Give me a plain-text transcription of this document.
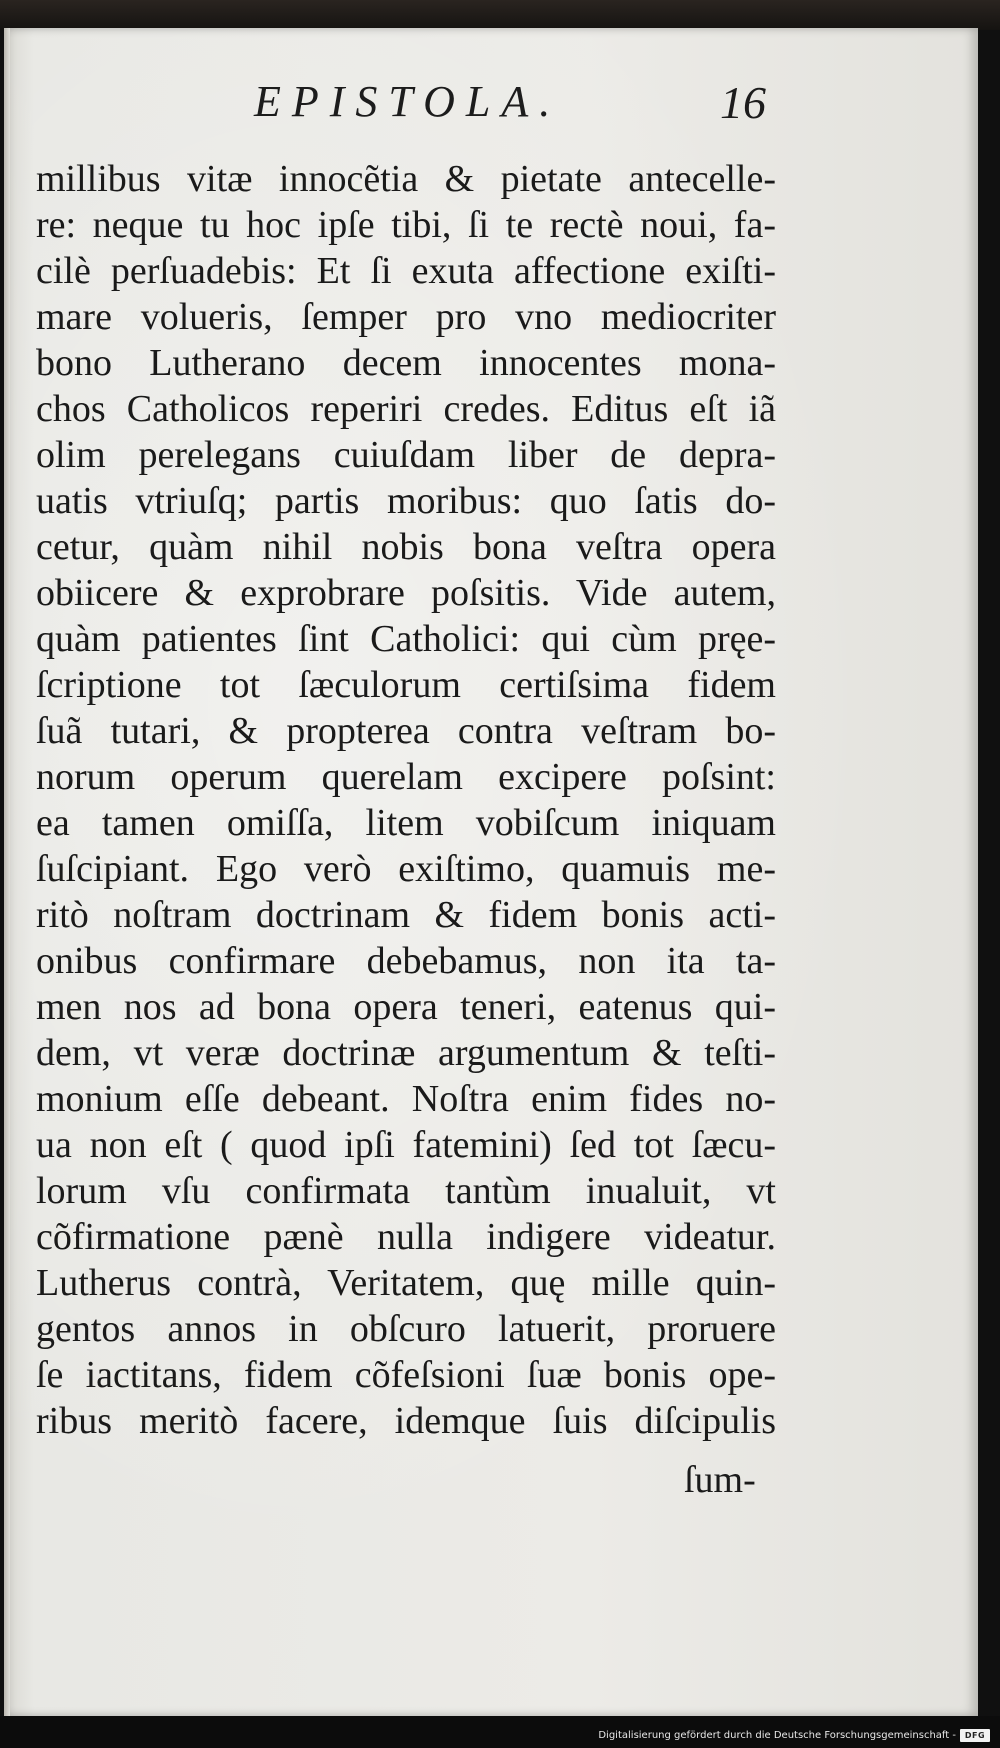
EPISTOLA.	16
millibus vitæ innocẽtia & pietate antecelle-
re: neque tu hoc ipſe tibi, ſi te rectè noui, fa-
cilè perſuadebis: Et ſi exuta affectione exiſti-
mare volueris, ſemper pro vno mediocriter
bono Lutherano decem innocentes mona-
chos Catholicos reperiri credes. Editus eſt iã
olim perelegans cuiuſdam liber de depra-
uatis vtriuſq; partis moribus: quo ſatis do-
cetur, quàm nihil nobis bona veſtra opera
obiicere & exprobrare poſsitis. Vide autem,
quàm patientes ſint Catholici: qui cùm pręe-
ſcriptione tot ſæculorum certiſsima fidem
ſuã tutari, & propterea contra veſtram bo-
norum operum querelam excipere poſsint:
ea tamen omiſſa, litem vobiſcum iniquam
ſuſcipiant. Ego verò exiſtimo, quamuis me-
ritò noſtram doctrinam & fidem bonis acti-
onibus confirmare debebamus, non ita ta-
men nos ad bona opera teneri, eatenus qui-
dem, vt veræ doctrinæ argumentum & teſti-
monium eſſe debeant. Noſtra enim fides no-
ua non eſt ( quod ipſi fatemini) ſed tot ſæcu-
lorum vſu confirmata tantùm inualuit, vt
cõfirmatione pænè nulla indigere videatur.
Lutherus contrà, Veritatem, quę mille quin-
gentos annos in obſcuro latuerit, proruere
ſe iactitans, fidem cõfeſsioni ſuæ bonis ope-
ribus meritò facere, idemque ſuis diſcipulis
ſum-
Digitalisierung gefördert durch die Deutsche Forschungsgemeinschaft -	DFG
